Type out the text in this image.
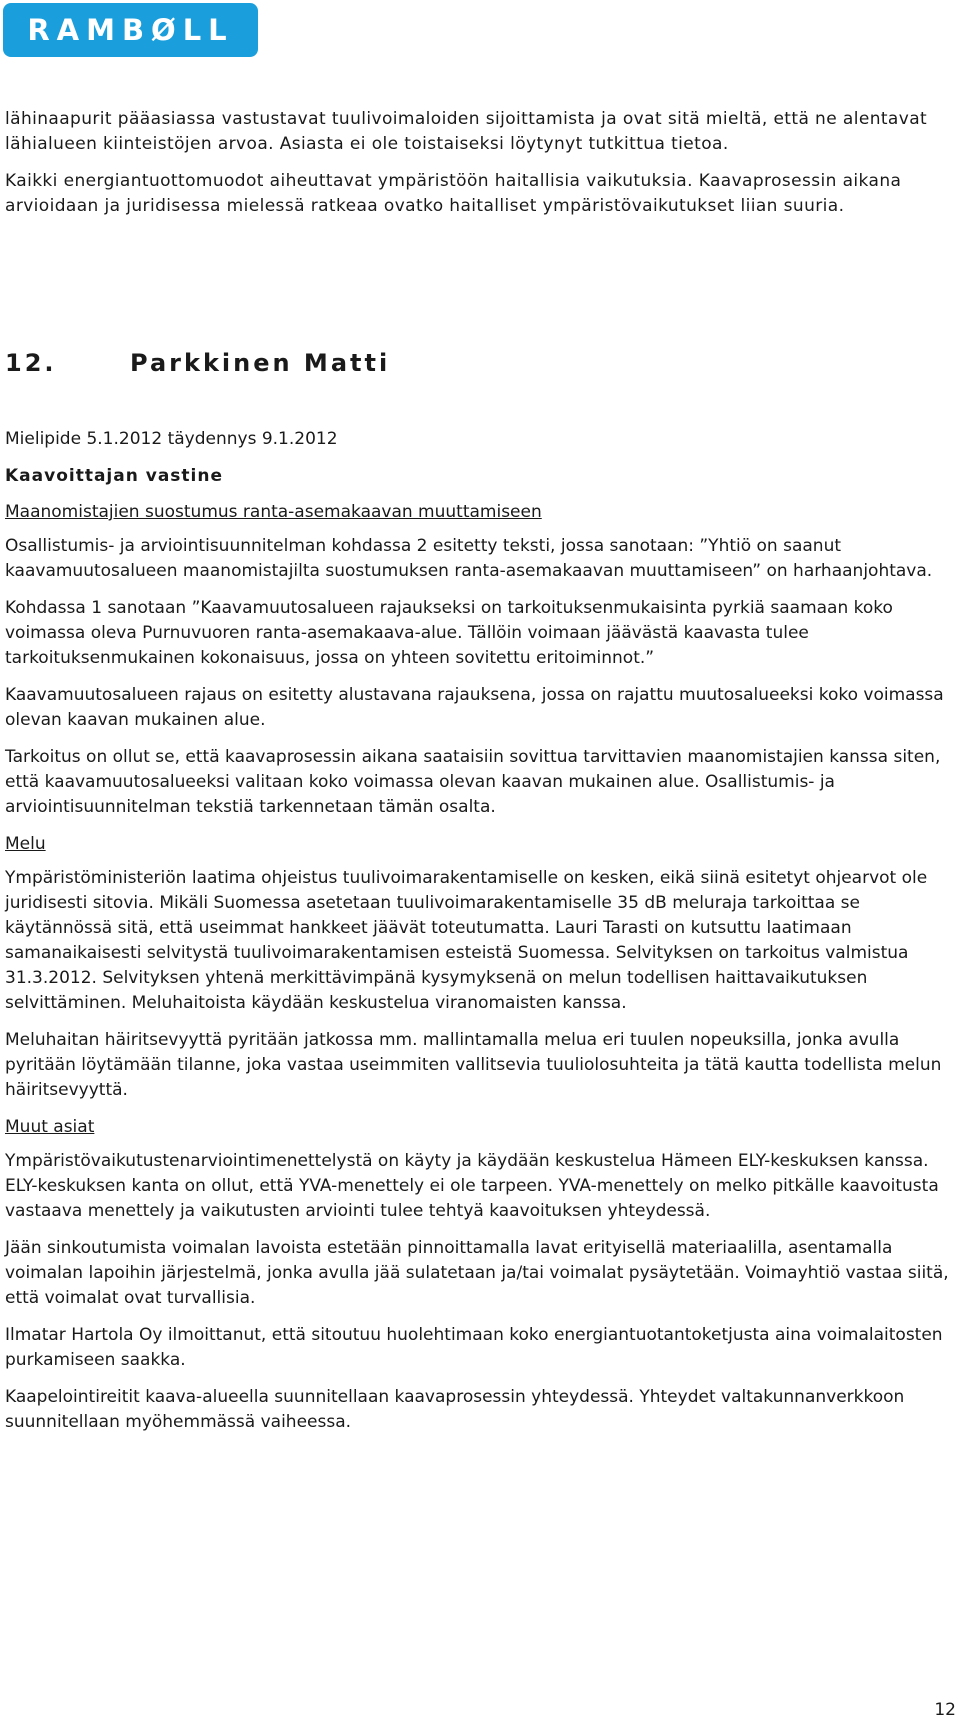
RAMBØLL

lähinaapurit pääasiassa vastustavat tuulivoimaloiden sijoittamista ja ovat sitä mieltä, että ne alentavat lähialueen kiinteistöjen arvoa. Asiasta ei ole toistaiseksi löytynyt tutkittua tietoa.

Kaikki energiantuottomuodot aiheuttavat ympäristöön haitallisia vaikutuksia. Kaavaprosessin aikana arvioidaan ja juridisessa mielessä ratkeaa ovatko haitalliset ympäristövaikutukset liian suuria.

12.	Parkkinen Matti
Mielipide 5.1.2012 täydennys 9.1.2012
Kaavoittajan vastine
Maanomistajien suostumus ranta-asemakaavan muuttamiseen

Osallistumis- ja arviointisuunnitelman kohdassa 2 esitetty teksti, jossa sanotaan: ”Yhtiö on saanut kaavamuutosalueen maanomistajilta suostumuksen ranta-asemakaavan muuttamiseen” on harhaanjohtava.

Kohdassa 1 sanotaan ”Kaavamuutosalueen rajaukseksi on tarkoituksenmukaisinta pyrkiä saamaan koko voimassa oleva Purnuvuoren ranta-asemakaava-alue. Tällöin voimaan jäävästä kaavasta tulee tarkoituksenmukainen kokonaisuus, jossa on yhteen sovitettu eritoiminnot.”

Kaavamuutosalueen rajaus on esitetty alustavana rajauksena, jossa on rajattu muutosalueeksi koko voimassa olevan kaavan mukainen alue.

Tarkoitus on ollut se, että kaavaprosessin aikana saataisiin sovittua tarvittavien maanomistajien kanssa siten, että kaavamuutosalueeksi valitaan koko voimassa olevan kaavan mukainen alue. Osallistumis- ja arviointisuunnitelman tekstiä tarkennetaan tämän osalta.

Melu

Ympäristöministeriön laatima ohjeistus tuulivoimarakentamiselle on kesken, eikä siinä esitetyt ohjearvot ole juridisesti sitovia. Mikäli Suomessa asetetaan tuulivoimarakentamiselle 35 dB meluraja tarkoittaa se käytännössä sitä, että useimmat hankkeet jäävät toteutumatta. Lauri Tarasti on kutsuttu laatimaan samanaikaisesti selvitystä tuulivoimarakentamisen esteistä Suomessa. Selvityksen on tarkoitus valmistua 31.3.2012. Selvityksen yhtenä merkittävimpänä kysymyksenä on melun todellisen haittavaikutuksen selvittäminen. Meluhaitoista käydään keskustelua viranomaisten kanssa.

Meluhaitan häiritsevyyttä pyritään jatkossa mm. mallintamalla melua eri tuulen nopeuksilla, jonka avulla pyritään löytämään tilanne, joka vastaa useimmiten vallitsevia tuuliolosuhteita ja tätä kautta todellista melun häiritsevyyttä.

Muut asiat

Ympäristövaikutustenarviointimenettelystä on käyty ja käydään keskustelua Hämeen ELY-keskuksen kanssa. ELY-keskuksen kanta on ollut, että YVA-menettely ei ole tarpeen. YVA-menettely on melko pitkälle kaavoitusta vastaava menettely ja vaikutusten arviointi tulee tehtyä kaavoituksen yhteydessä.

Jään sinkoutumista voimalan lavoista estetään pinnoittamalla lavat erityisellä materiaalilla, asentamalla voimalan lapoihin järjestelmä, jonka avulla jää sulatetaan ja/tai voimalat pysäytetään. Voimayhtiö vastaa siitä, että voimalat ovat turvallisia.

Ilmatar Hartola Oy ilmoittanut, että sitoutuu huolehtimaan koko energiantuotantoketjusta aina voimalaitosten purkamiseen saakka.

Kaapelointireitit kaava-alueella suunnitellaan kaavaprosessin yhteydessä. Yhteydet valtakunnanverkkoon suunnitellaan myöhemmässä vaiheessa.

12
